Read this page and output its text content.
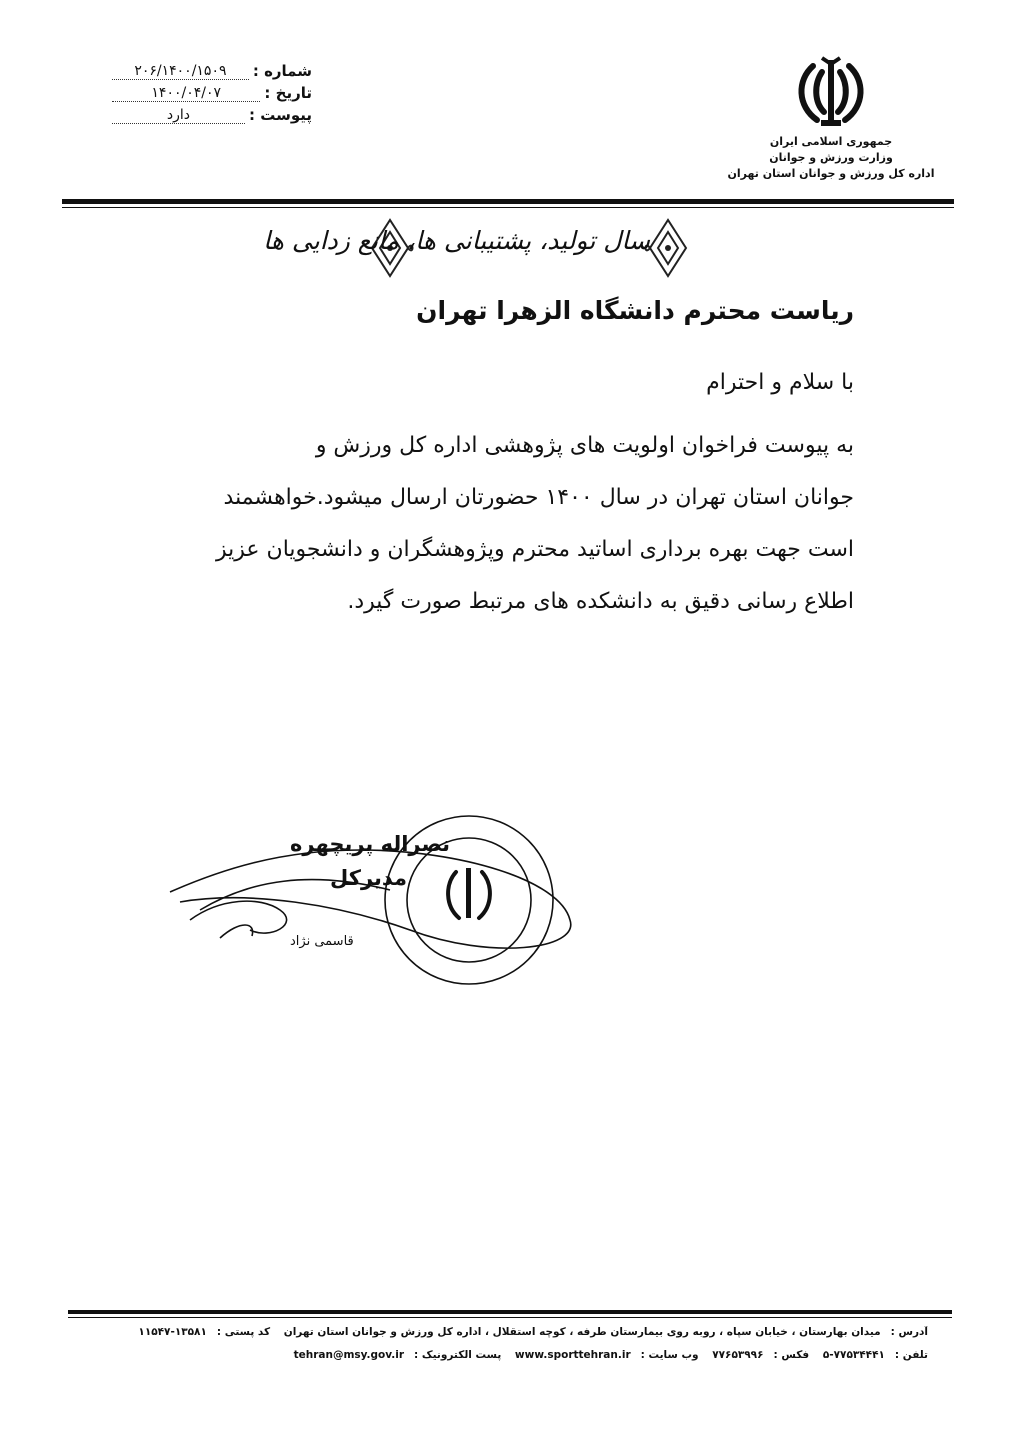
شماره :
۲۰۶/۱۴۰۰/۱۵۰۹
تاریخ :
۱۴۰۰/۰۴/۰۷
پیوست :
دارد
جمهوری اسلامی ایران
وزارت ورزش و جوانان
اداره کل ورزش و جوانان استان تهران
سال تولید، پشتیبانی ها، مانع زدایی ها
ریاست محترم دانشگاه الزهرا تهران
با سلام و احترام
به پیوست فراخوان اولویت های پژوهشی اداره کل ورزش و
جوانان استان تهران در سال ۱۴۰۰ حضورتان ارسال میشود.خواهشمند
است جهت بهره برداری اساتید محترم وپژوهشگران و دانشجویان عزیز
اطلاع رسانی دقیق به دانشکده های مرتبط صورت گیرد.
نصراله پریچهره
مدیرکل
قاسمی نژاد
آدرس :میدان بهارستان ، خیابان سپاه ، روبه روی بیمارستان طرفه ، کوچه استقلال ، اداره کل ورزش و جوانان استان تهران کد پستی :۱۳۵۸۱-۱۱۵۴۷
تلفن :۷۷۵۳۴۴۴۱-۵ فکس :۷۷۶۵۳۹۹۶ وب سایت :www.sporttehran.ir پست الکترونیک :tehran@msy.gov.ir
